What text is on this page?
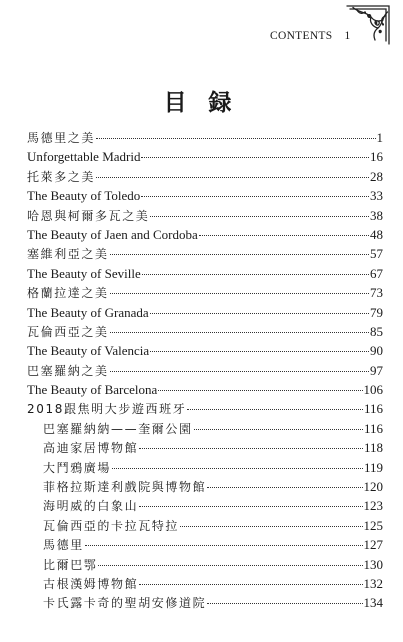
CONTENTS 1
目 録
馬德里之美	1
Unforgettable Madrid	16
托萊多之美	28
The Beauty of Toledo	33
哈恩與柯爾多瓦之美	38
The Beauty of Jaen and Cordoba	48
塞維利亞之美	57
The Beauty of Seville	67
格蘭拉達之美	73
The Beauty of Granada	79
瓦倫西亞之美	85
The Beauty of Valencia	90
巴塞羅納之美	97
The Beauty of Barcelona	106
2018跟焦明大步遊西班牙	116
巴塞羅納納——奎爾公園	116
高迪家居博物館	118
大鬥鴉廣場	119
菲格拉斯達利戲院與博物館	120
海明威的白象山	123
瓦倫西亞的卡拉瓦特拉	125
馬德里	127
比爾巴鄂	130
古根漢姆博物館	132
卡氏露卡奇的聖胡安修道院	134
